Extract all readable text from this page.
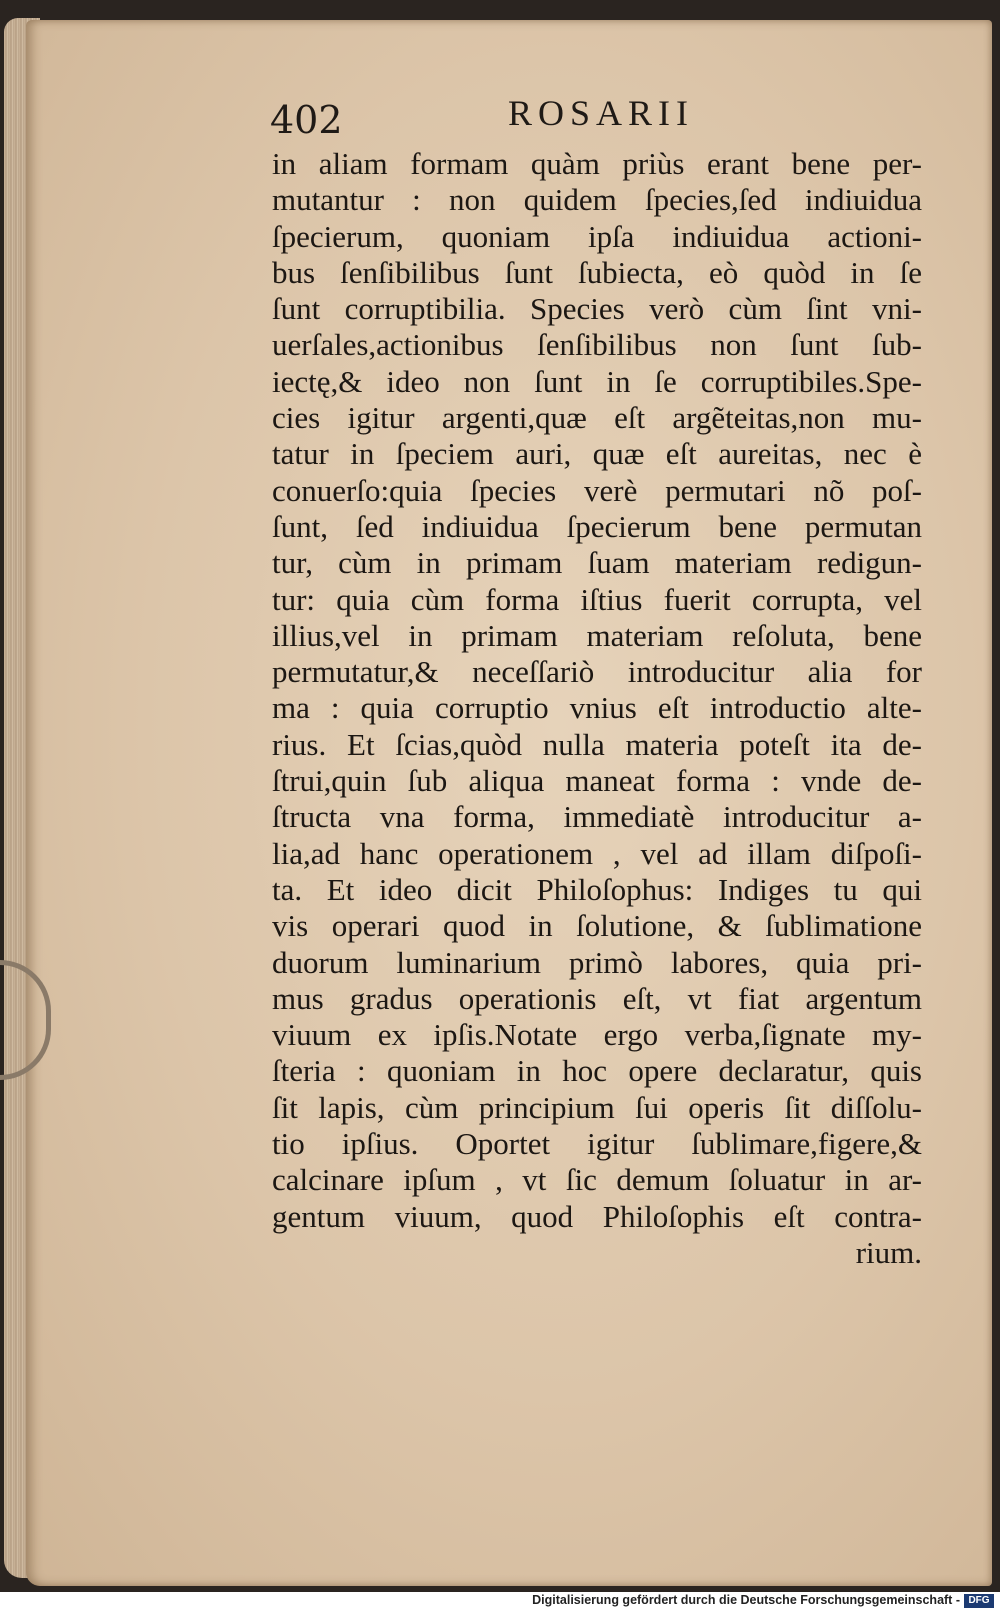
402	ROSARII
in aliam formam quàm priùs erant bene per-
mutantur : non quidem ſpecies,ſed indiuidua
ſpecierum, quoniam ipſa indiuidua actioni-
bus ſenſibilibus ſunt ſubiecta, eò quòd in ſe
ſunt corruptibilia. Species verò cùm ſint vni-
uerſales,actionibus ſenſibilibus non ſunt ſub-
iectę,& ideo non ſunt in ſe corruptibiles.Spe-
cies igitur argenti,quæ eſt argẽteitas,non mu-
tatur in ſpeciem auri, quæ eſt aureitas, nec è
conuerſo:quia ſpecies verè permutari nõ poſ-
ſunt, ſed indiuidua ſpecierum bene permutan
tur, cùm in primam ſuam materiam redigun-
tur: quia cùm forma iſtius fuerit corrupta, vel
illius,vel in primam materiam reſoluta, bene
permutatur,& neceſſariò introducitur alia for
ma : quia corruptio vnius eſt introductio alte-
rius. Et ſcias,quòd nulla materia poteſt ita de-
ſtrui,quin ſub aliqua maneat forma : vnde de-
ſtructa vna forma, immediatè introducitur a-
lia,ad hanc operationem , vel ad illam diſpoſi-
ta. Et ideo dicit Philoſophus: Indiges tu qui
vis operari quod in ſolutione, & ſublimatione
duorum luminarium primò labores, quia pri-
mus gradus operationis eſt, vt fiat argentum
viuum ex ipſis.Notate ergo verba,ſignate my-
ſteria : quoniam in hoc opere declaratur, quis
ſit lapis, cùm principium ſui operis ſit diſſolu-
tio ipſius. Oportet igitur ſublimare,figere,&
calcinare ipſum , vt ſic demum ſoluatur in ar-
gentum viuum, quod Philoſophis eſt contra-
rium.
Digitalisierung gefördert durch die Deutsche Forschungsgemeinschaft - DFG
